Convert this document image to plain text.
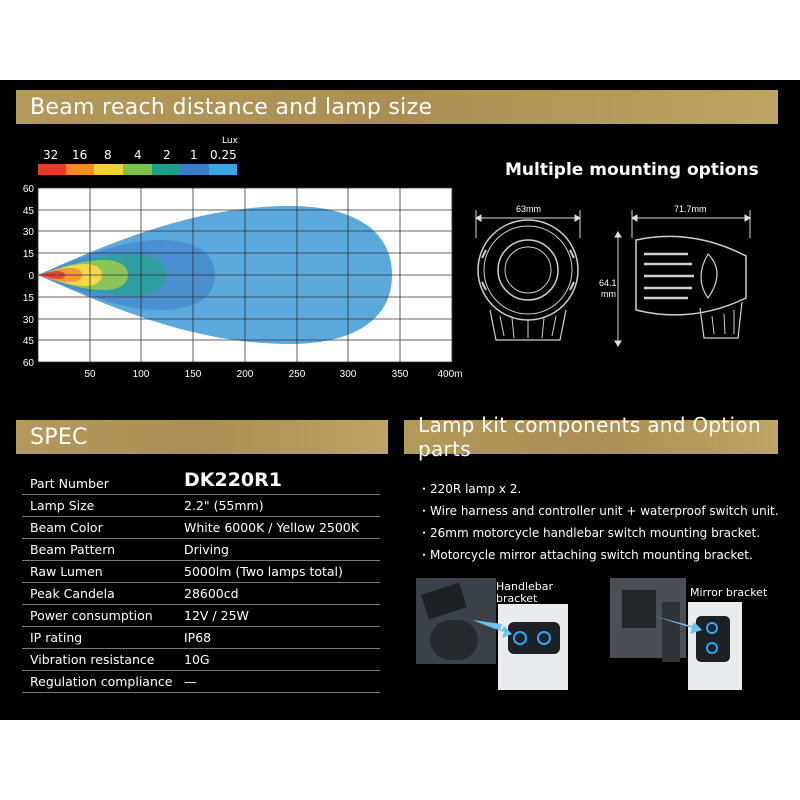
Beam reach distance and lamp size
Lux
32 16 8 4 2 1 0.25
60
45
30
15
0
15
30
45
60
50	100	150	200	250	300	350	400m
Multiple mounting options
63mm	71.7mm
64.1
mm
SPEC
Part Number	DK220R1
Lamp Size	2.2" (55mm)
Beam Color	White 6000K / Yellow 2500K
Beam Pattern	Driving
Raw Lumen	5000lm (Two lamps total)
Peak Candela	28600cd
Power consumption	12V / 25W
IP rating	IP68
Vibration resistance 10G
Regulation compliance —
Lamp kit components and Option parts
・220R lamp x 2.
・Wire harness and controller unit + waterproof switch unit.
・26mm motorcycle handlebar switch mounting bracket.
・Motorcycle mirror attaching switch mounting bracket.
Handlebar
bracket	Mirror bracket
